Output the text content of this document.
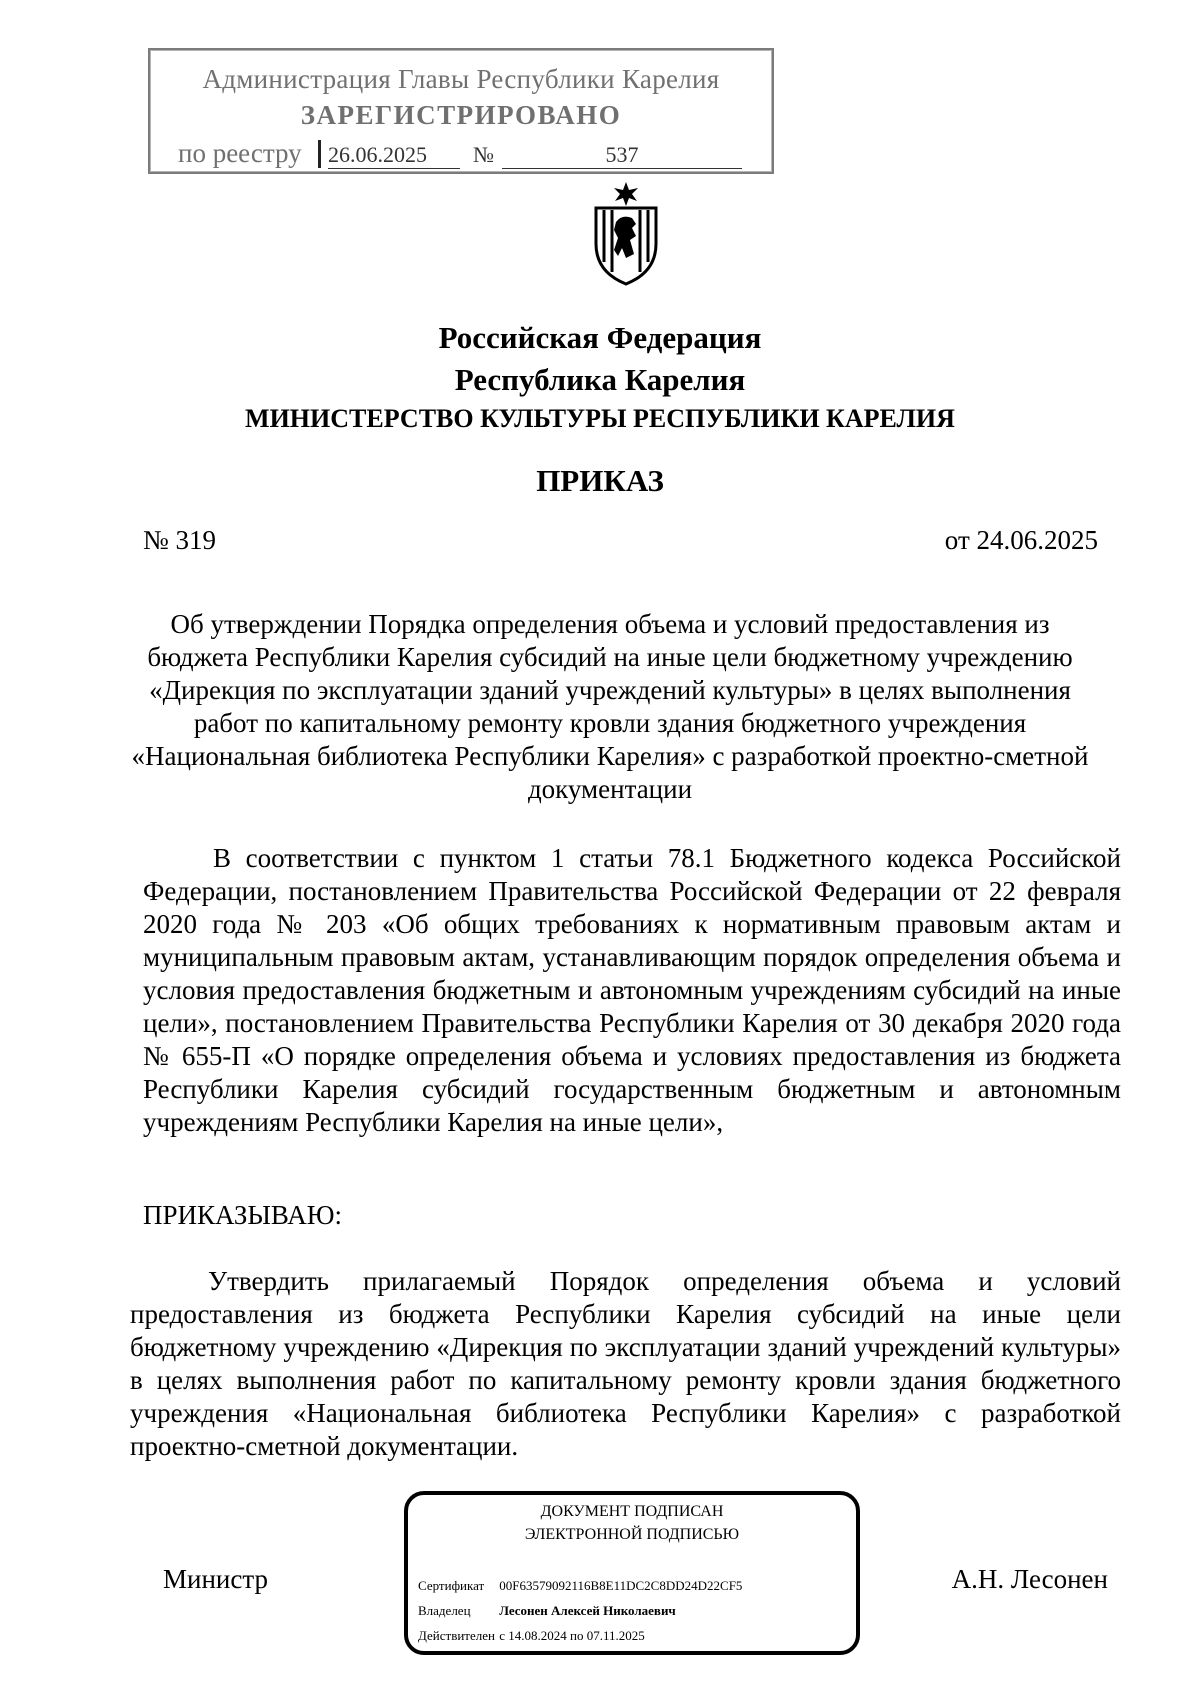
Администрация Главы Республики Карелия
ЗАРЕГИСТРИРОВАНО
по реестру 26.06.2025	№	537
Российская Федерация
Республика Карелия
МИНИСТЕРСТВО КУЛЬТУРЫ РЕСПУБЛИКИ КАРЕЛИЯ
ПРИКАЗ
№ 319	от 24.06.2025
Об утверждении Порядка определения объема и условий предоставления из бюджета Республики Карелия субсидий на иные цели бюджетному учреждению «Дирекция по эксплуатации зданий учреждений культуры» в целях выполнения работ по капитальному ремонту кровли здания бюджетного учреждения «Национальная библиотека Республики Карелия» с разработкой проектно-сметной документации
В соответствии с пунктом 1 статьи 78.1 Бюджетного кодекса Российской Федерации, постановлением Правительства Российской Федерации от 22 февраля 2020 года № 203 «Об общих требованиях к нормативным правовым актам и муниципальным правовым актам, устанавливающим порядок определения объема и условия предоставления бюджетным и автономным учреждениям субсидий на иные цели», постановлением Правительства Республики Карелия от 30 декабря 2020 года № 655-П «О порядке определения объема и условиях предоставления из бюджета Республики Карелия субсидий государственным бюджетным и автономным учреждениям Республики Карелия на иные цели»,
ПРИКАЗЫВАЮ:
Утвердить прилагаемый Порядок определения объема и условий предоставления из бюджета Республики Карелия субсидий на иные цели бюджетному учреждению «Дирекция по эксплуатации зданий учреждений культуры» в целях выполнения работ по капитальному ремонту кровли здания бюджетного учреждения «Национальная библиотека Республики Карелия» с разработкой проектно-сметной документации.
Министр	А.Н. Лесонен
ДОКУМЕНТ ПОДПИСАН
ЭЛЕКТРОННОЙ ПОДПИСЬЮ
Сертификат 00F63579092116B8E11DC2C8DD24D22CF5
Владелец Лесонен Алексей Николаевич
Действителен с 14.08.2024 по 07.11.2025
